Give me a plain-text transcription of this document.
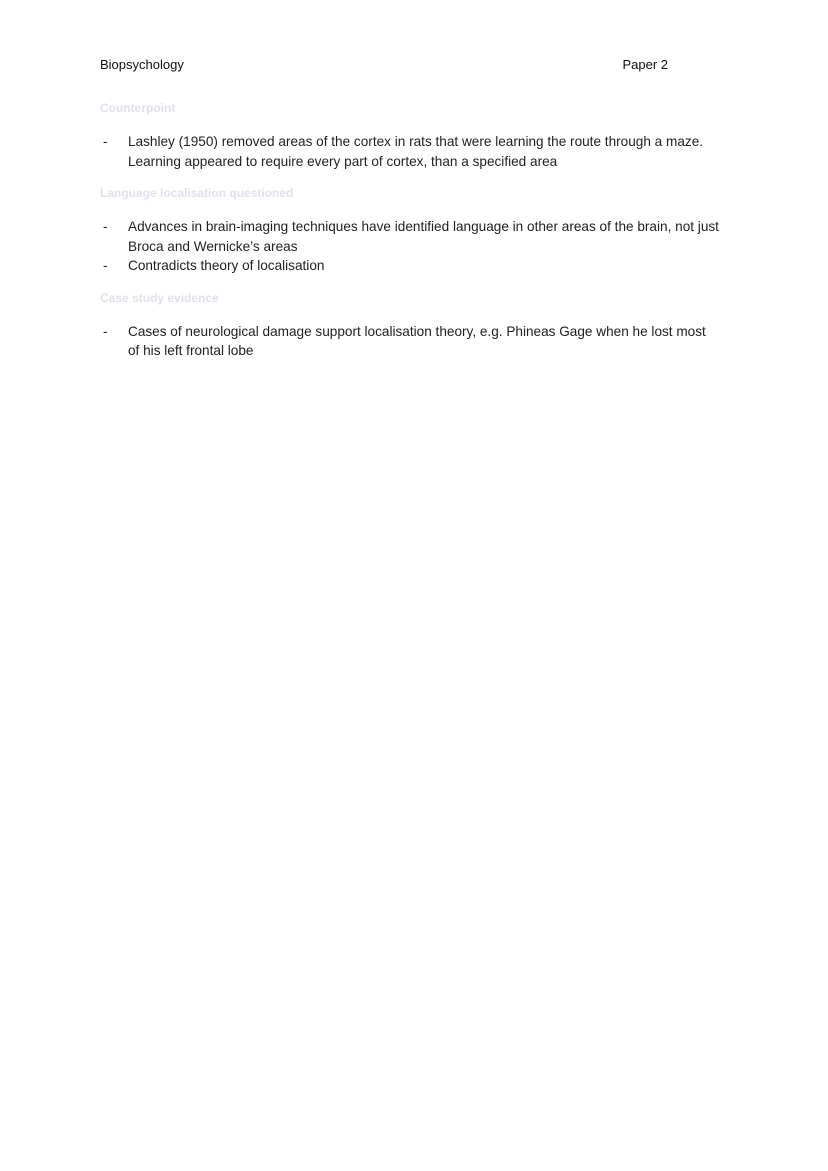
Biopsychology	Paper 2
Counterpoint
- Lashley (1950) removed areas of the cortex in rats that were learning the route through a maze. Learning appeared to require every part of cortex, than a specified area
Language localisation questioned
- Advances in brain-imaging techniques have identified language in other areas of the brain, not just Broca and Wernicke’s areas
- Contradicts theory of localisation
Case study evidence
- Cases of neurological damage support localisation theory, e.g. Phineas Gage when he lost most of his left frontal lobe
